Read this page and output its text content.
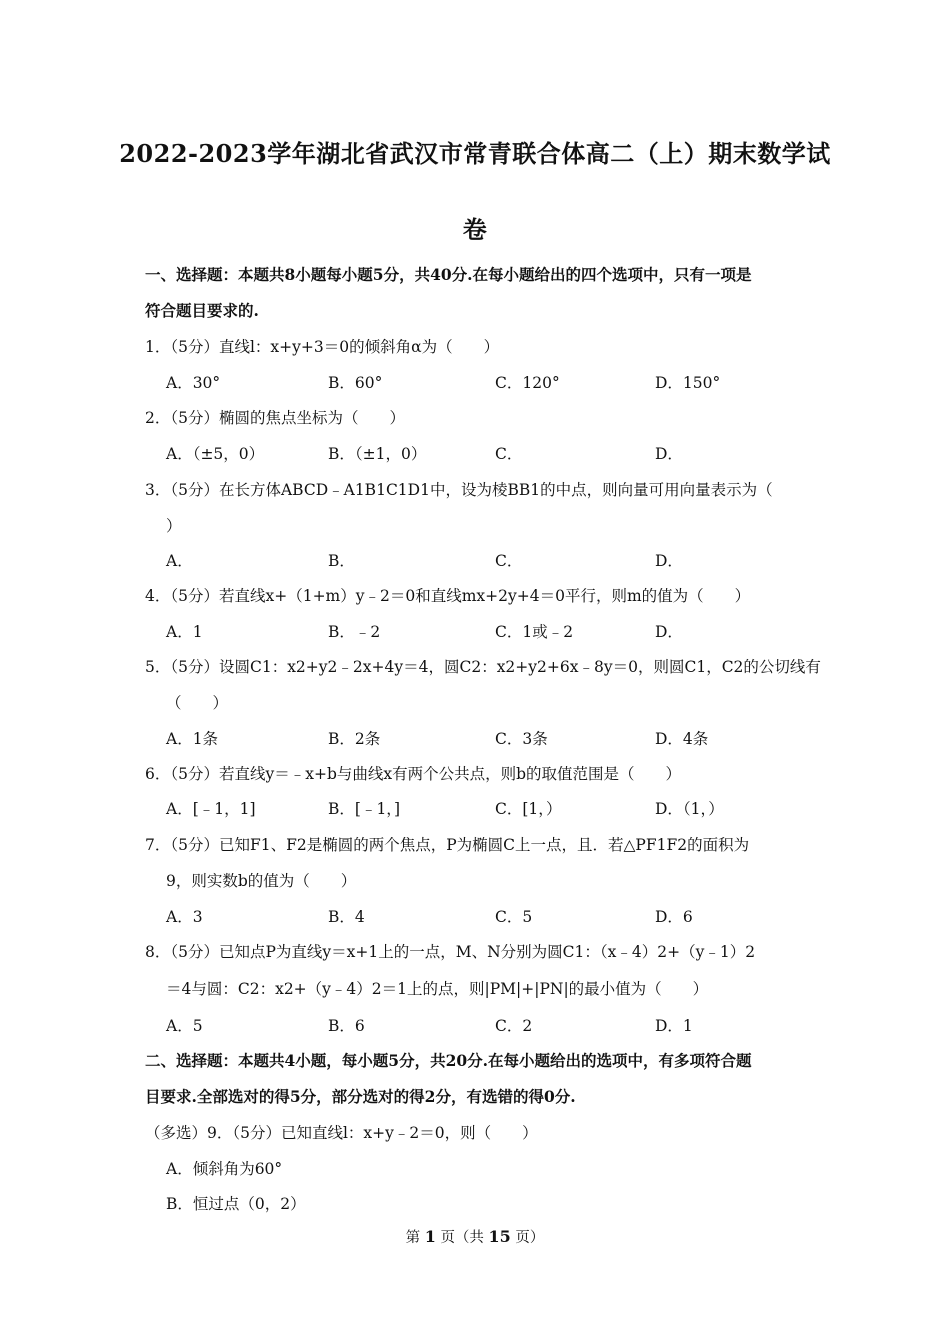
2022-2023学年湖北省武汉市常青联合体高二（上）期末数学试
卷
一、选择题：本题共8小题每小题5分，共40分.在每小题给出的四个选项中，只有一项是
符合题目要求的.
1．（5分）直线l：x+y+3＝0的倾斜角α为（　　）
A．30°	B．60°	C．120°	D．150°
2．（5分）椭圆的焦点坐标为（　　）
A．（±5，0）	B．（±1，0）	C．	D．
3．（5分）在长方体ABCD﹣A1B1C1D1中，设为棱BB1的中点，则向量可用向量表示为（
）
A．	B．	C．	D．
4．（5分）若直线x+（1+m）y﹣2＝0和直线mx+2y+4＝0平行，则m的值为（　　）
A．1	B．﹣2	C．1或﹣2	D．
5．（5分）设圆C1：x2+y2﹣2x+4y＝4，圆C2：x2+y2+6x﹣8y＝0，则圆C1，C2的公切线有
（　　）
A．1条	B．2条	C．3条	D．4条
6．（5分）若直线y＝﹣x+b与曲线x有两个公共点，则b的取值范围是（　　）
A．[﹣1，1]	B．[﹣1，]	C．[1，）	D．（1，）
7．（5分）已知F1、F2是椭圆的两个焦点，P为椭圆C上一点，且．若△PF1F2的面积为
9，则实数b的值为（　　）
A．3	B．4	C．5	D．6
8．（5分）已知点P为直线y＝x+1上的一点，M、N分别为圆C1：（x﹣4）2+（y﹣1）2
＝4与圆：C2：x2+（y﹣4）2＝1上的点，则|PM|+|PN|的最小值为（　　）
A．5	B．6	C．2	D．1
二、选择题：本题共4小题，每小题5分，共20分.在每小题给出的选项中，有多项符合题
目要求.全部选对的得5分，部分选对的得2分，有选错的得0分.
（多选）9．（5分）已知直线l：x+y﹣2＝0，则（　　）
A．倾斜角为60°
B．恒过点（0，2）
第 1 页（共 15 页）
